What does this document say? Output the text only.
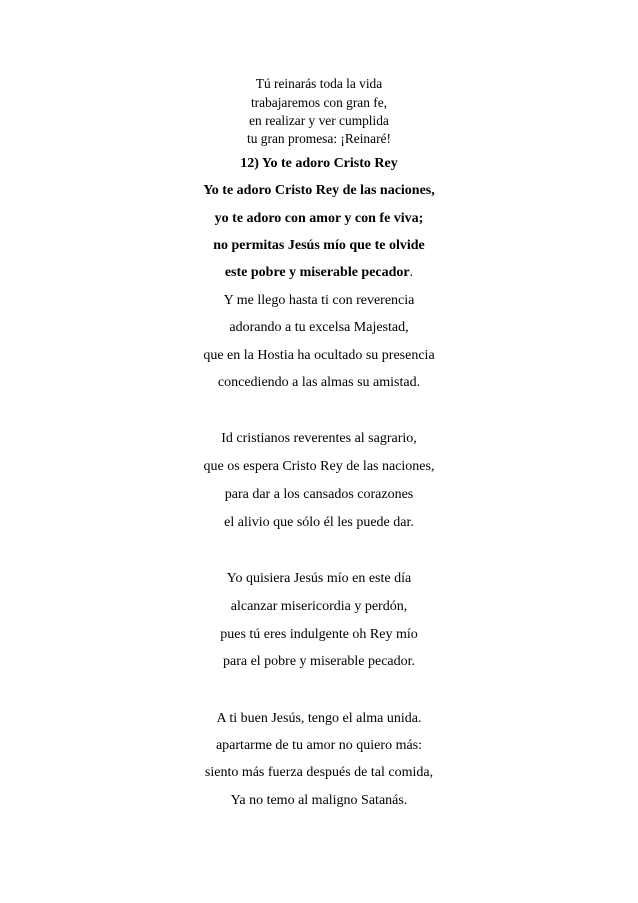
Tú reinarás toda la vida
trabajaremos con gran fe,
en realizar y ver cumplida
tu gran promesa: ¡Reinaré!
12) Yo te adoro Cristo Rey
Yo te adoro Cristo Rey de las naciones,
yo te adoro con amor y con fe viva;
no permitas Jesús mío que te olvide
este pobre y miserable pecador.
Y me llego hasta ti con reverencia
adorando a tu excelsa Majestad,
que en la Hostia ha ocultado su presencia
concediendo a las almas su amistad.
Id cristianos reverentes al sagrario,
que os espera Cristo Rey de las naciones,
para dar a los cansados corazones
el alivio que sólo él les puede dar.
Yo quisiera Jesús mío en este día
alcanzar misericordia y perdón,
pues tú eres indulgente oh Rey mío
para el pobre y miserable pecador.
A ti buen Jesús, tengo el alma unida.
apartarme de tu amor no quiero más:
siento más fuerza después de tal comida,
Ya no temo al maligno Satanás.
